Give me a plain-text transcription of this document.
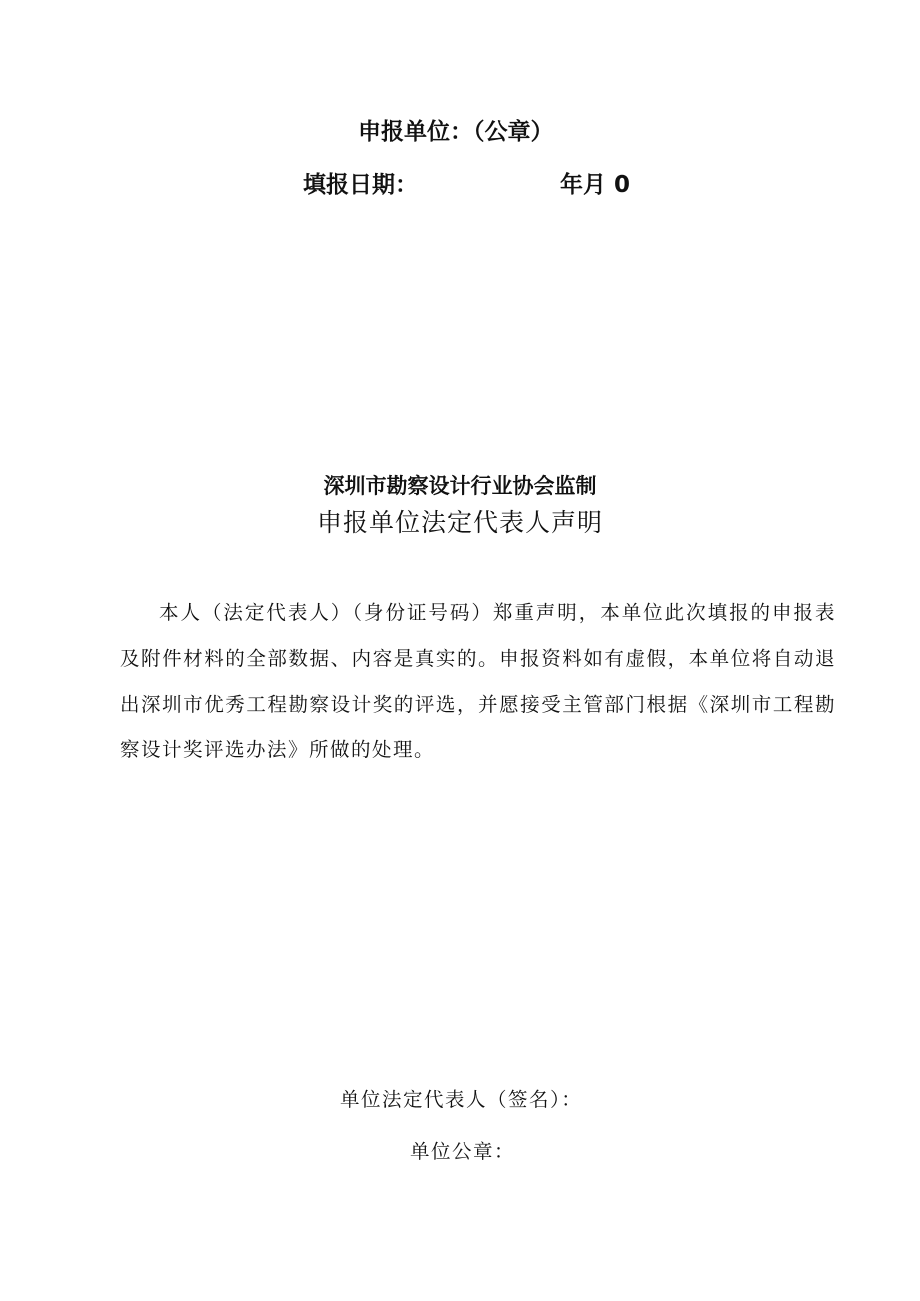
申报单位：（公章）
填报日期：	年月 0
深圳市勘察设计行业协会监制
申报单位法定代表人声明

本人（法定代表人）（身份证号码）郑重声明，本单位此次填报的申报表及附件材料的全部数据、内容是真实的。申报资料如有虚假，本单位将自动退出深圳市优秀工程勘察设计奖的评选，并愿接受主管部门根据《深圳市工程勘察设计奖评选办法》所做的处理。

单位法定代表人（签名）：
单位公章：
